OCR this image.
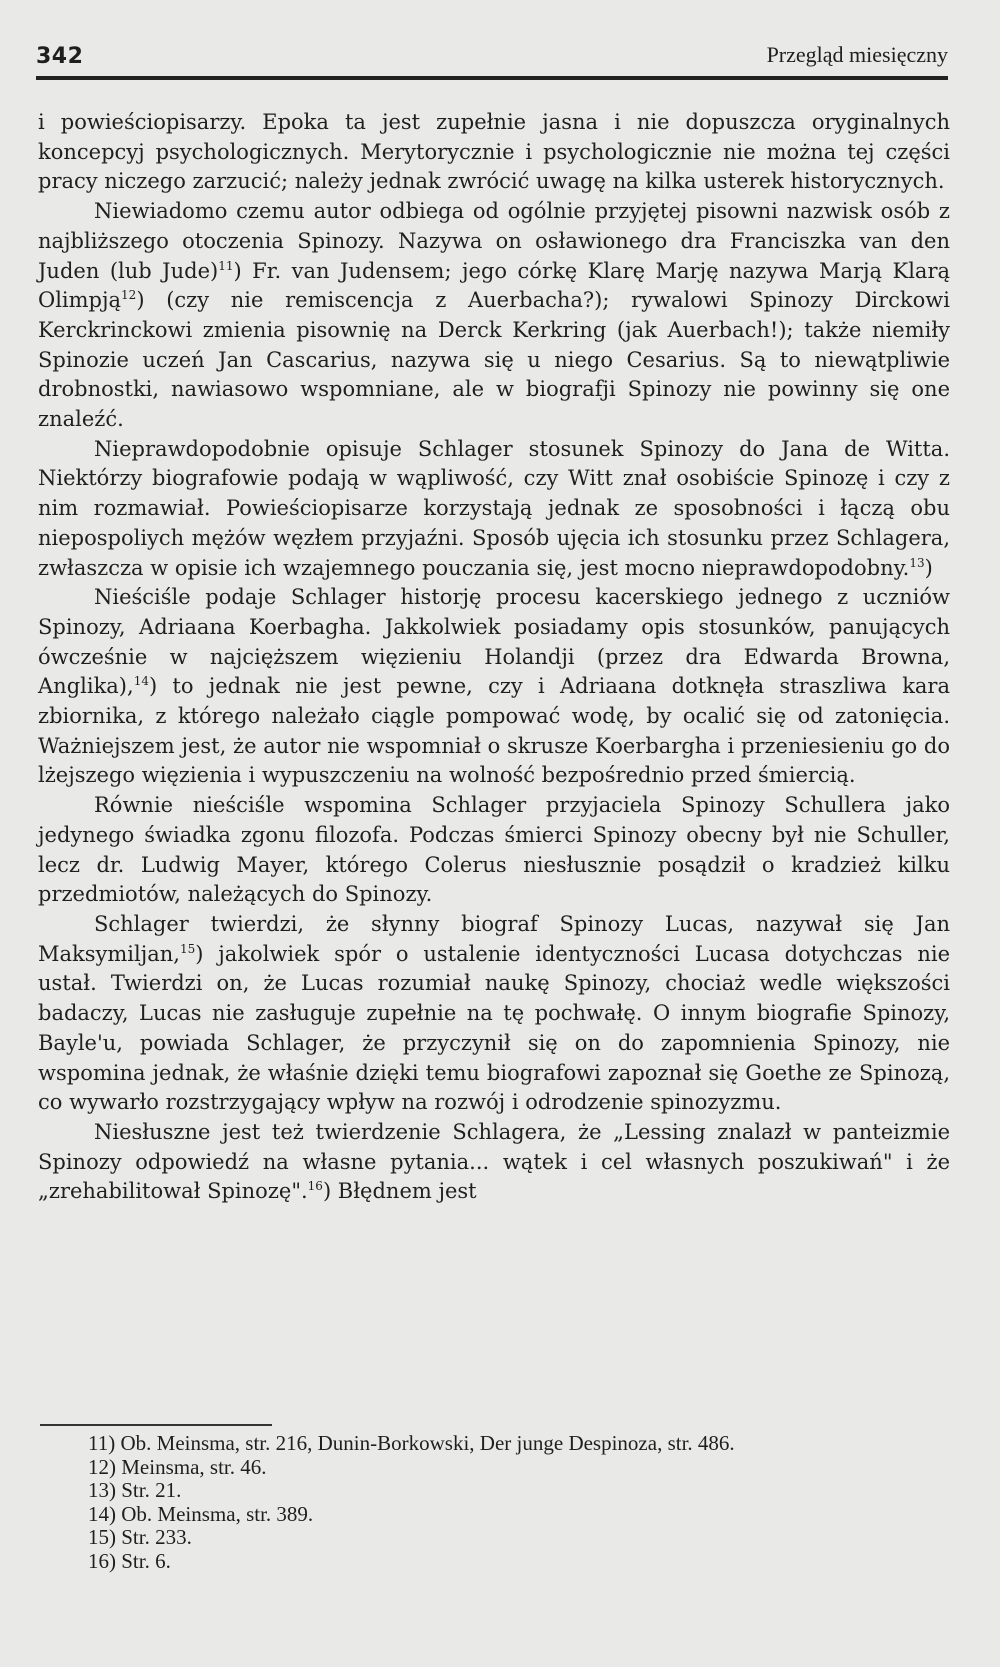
342	Przegląd miesięczny

i powieściopisarzy. Epoka ta jest zupełnie jasna i nie dopuszcza oryginalnych koncepcyj psychologicznych. Merytorycznie i psychologicznie nie można tej części pracy niczego zarzucić; należy jednak zwrócić uwagę na kilka usterek historycznych.

Niewiadomo czemu autor odbiega od ogólnie przyjętej pisowni nazwisk osób z najbliższego otoczenia Spinozy. Nazywa on osławionego dra Franciszka van den Juden (lub Jude)$^{11}$) Fr. van Judensem; jego córkę Klarę Marję nazywa Marją Klarą Olimpją$^{12}$) (czy nie remiscencja z Auerbacha?); rywalowi Spinozy Dirckowi Kerckrinckowi zmienia pisownię na Derck Kerkring (jak Auerbach!); także niemiły Spinozie uczeń Jan Cascarius, nazywa się u niego Cesarius. Są to niewątpliwie drobnostki, nawiasowo wspomniane, ale w biografji Spinozy nie powinny się one znaleźć.

Nieprawdopodobnie opisuje Schlager stosunek Spinozy do Jana de Witta. Niektórzy biografowie podają w wąpliwość, czy Witt znał osobiście Spinozę i czy z nim rozmawiał. Powieściopisarze korzystają jednak ze sposobności i łączą obu niepospoliych mężów węzłem przyjaźni. Sposób ujęcia ich stosunku przez Schlagera, zwłaszcza w opisie ich wzajemnego pouczania się, jest mocno nieprawdopodobny.$^{13}$)

Nieściśle podaje Schlager historję procesu kacerskiego jednego z uczniów Spinozy, Adriaana Koerbagha. Jakkolwiek posiadamy opis stosunków, panujących ówcześnie w najcięższem więzieniu Holandji (przez dra Edwarda Browna, Anglika),$^{14}$) to jednak nie jest pewne, czy i Adriaana dotknęła straszliwa kara zbiornika, z którego należało ciągle pompować wodę, by ocalić się od zatonięcia. Ważniejszem jest, że autor nie wspomniał o skrusze Koerbargha i przeniesieniu go do lżejszego więzienia i wypuszczeniu na wolność bezpośrednio przed śmiercią.

Równie nieściśle wspomina Schlager przyjaciela Spinozy Schullera jako jedynego świadka zgonu filozofa. Podczas śmierci Spinozy obecny był nie Schuller, lecz dr. Ludwig Mayer, którego Colerus niesłusznie posądził o kradzież kilku przedmiotów, należących do Spinozy.

Schlager twierdzi, że słynny biograf Spinozy Lucas, nazywał się Jan Maksymiljan,$^{15}$) jakolwiek spór o ustalenie identyczności Lucasa dotychczas nie ustał. Twierdzi on, że Lucas rozumiał naukę Spinozy, chociaż wedle większości badaczy, Lucas nie zasługuje zupełnie na tę pochwałę. O innym biografie Spinozy, Bayle'u, powiada Schlager, że przyczynił się on do zapomnienia Spinozy, nie wspomina jednak, że właśnie dzięki temu biografowi zapoznał się Goethe ze Spinozą, co wywarło rozstrzygający wpływ na rozwój i odrodzenie spinozyzmu.

Niesłuszne jest też twierdzenie Schlagera, że „Lessing znalazł w panteizmie Spinozy odpowiedź na własne pytania... wątek i cel własnych poszukiwań" i że „zrehabilitował Spinozę".$^{16}$) Błędnem jest

11) Ob. Meinsma, str. 216, Dunin-Borkowski, Der junge Despinoza, str. 486.
12) Meinsma, str. 46.
13) Str. 21.
14) Ob. Meinsma, str. 389.
15) Str. 233.
16) Str. 6.
